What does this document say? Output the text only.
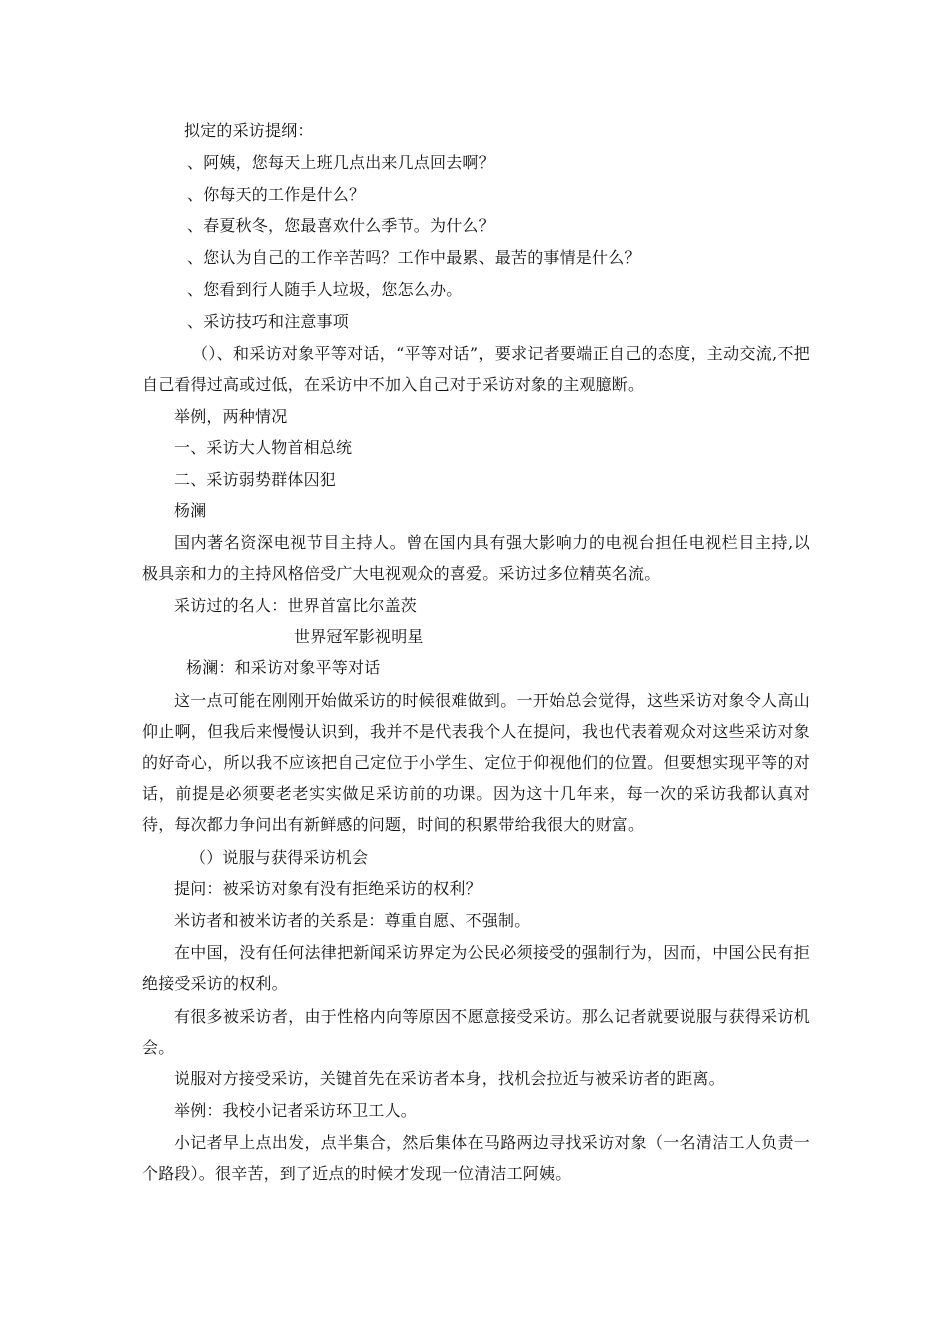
拟定的采访提纲：
、阿姨，您每天上班几点出来几点回去啊？
、你每天的工作是什么？
、春夏秋冬，您最喜欢什么季节。为什么？
、您认为自己的工作辛苦吗？工作中最累、最苦的事情是什么？
、您看到行人随手人垃圾，您怎么办。
、采访技巧和注意事项
（）、和采访对象平等对话，“平等对话”，要求记者要端正自己的态度，主动交流,不把自己看得过高或过低，在采访中不加入自己对于采访对象的主观臆断。
举例，两种情况
一、采访大人物首相总统
二、采访弱势群体囚犯
杨澜
国内著名资深电视节目主持人。曾在国内具有强大影响力的电视台担任电视栏目主持,以极具亲和力的主持风格倍受广大电视观众的喜爱。采访过多位精英名流。
采访过的名人：世界首富比尔盖茨
世界冠军影视明星
杨澜：和采访对象平等对话
这一点可能在刚刚开始做采访的时候很难做到。一开始总会觉得，这些采访对象令人高山仰止啊，但我后来慢慢认识到，我并不是代表我个人在提问，我也代表着观众对这些采访对象的好奇心，所以我不应该把自己定位于小学生、定位于仰视他们的位置。但要想实现平等的对话，前提是必须要老老实实做足采访前的功课。因为这十几年来，每一次的采访我都认真对待，每次都力争问出有新鲜感的问题，时间的积累带给我很大的财富。
（）说服与获得采访机会
提问：被采访对象有没有拒绝采访的权利？
米访者和被米访者的关系是：尊重自愿、不强制。
在中国，没有任何法律把新闻采访界定为公民必须接受的强制行为，因而，中国公民有拒绝接受采访的权利。
有很多被采访者，由于性格内向等原因不愿意接受采访。那么记者就要说服与获得采访机会。
说服对方接受采访，关键首先在采访者本身，找机会拉近与被采访者的距离。
举例：我校小记者采访环卫工人。
小记者早上点出发，点半集合，然后集体在马路两边寻找采访对象（一名清洁工人负责一个路段）。很辛苦，到了近点的时候才发现一位清洁工阿姨。
